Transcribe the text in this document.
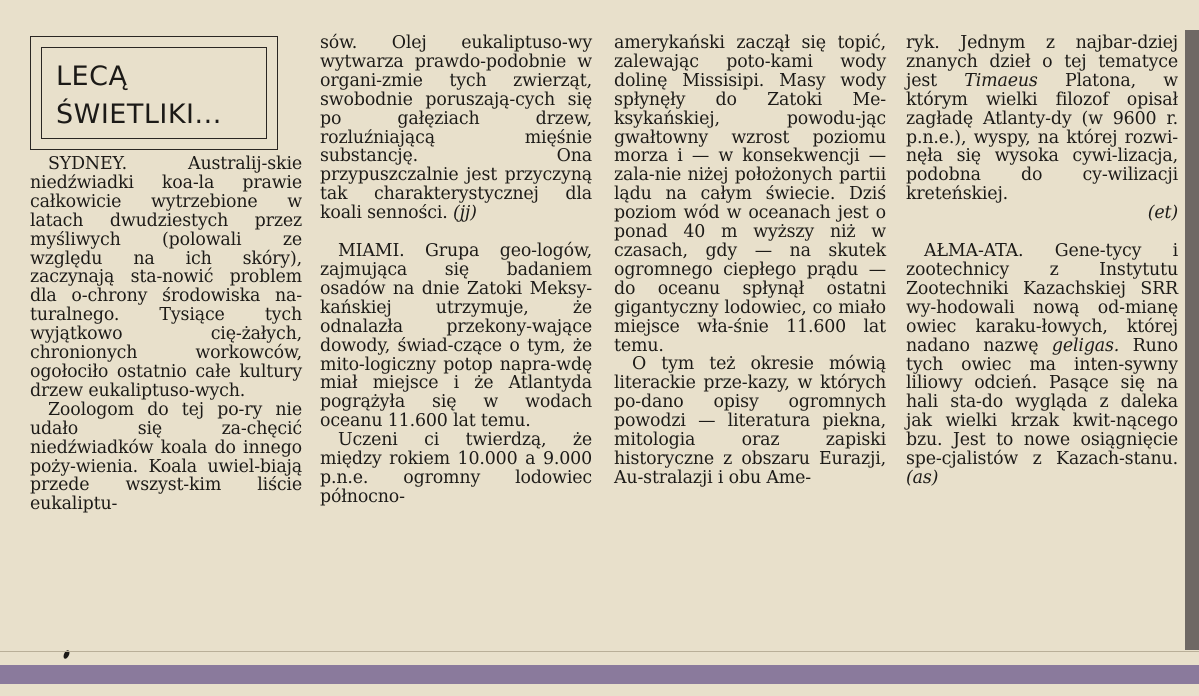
LECĄ
ŚWIETLIKI...

SYDNEY. Australij-skie niedźwiadki koa-la prawie całkowicie wytrzebione w latach dwudziestych przez myśliwych (polowali ze względu na ich skóry), zaczynają sta-nowić problem dla o-chrony środowiska na-turalnego. Tysiące tych wyjątkowo cię-żałych, chronionych workowców, ogołociło ostatnio całe kultury drzew eukaliptuso-wych.

Zoologom do tej po-ry nie udało się za-chęcić niedźwiadków koala do innego poży-wienia. Koala uwiel-biają przede wszyst-kim liście eukaliptu-

sów. Olej eukaliptuso-wy wytwarza prawdo-podobnie w organi-zmie tych zwierząt, swobodnie poruszają-cych się po gałęziach drzew, rozluźniającą mięśnie substancję. Ona przypuszczalnie jest przyczyną tak charakterystycznej dla koali senności. (jj)

MIAMI. Grupa geo-logów, zajmująca się badaniem osadów na dnie Zatoki Meksy-kańskiej utrzymuje, że odnalazła przekony-wające dowody, świad-czące o tym, że mito-logiczny potop napra-wdę miał miejsce i że Atlantyda pogrążyła się w wodach oceanu 11.600 lat temu.

Uczeni ci twierdzą, że między rokiem 10.000 a 9.000 p.n.e. ogromny lodowiec północno-

amerykański zaczął się topić, zalewając poto-kami wody dolinę Missisipi. Masy wody spłynęły do Zatoki Me-ksykańskiej, powodu-jąc gwałtowny wzrost poziomu morza i — w konsekwencji — zala-nie niżej położonych partii lądu na całym świecie. Dziś poziom wód w oceanach jest o ponad 40 m wyższy niż w czasach, gdy — na skutek ogromnego ciepłego prądu — do oceanu spłynął ostatni gigantyczny lodowiec, co miało miejsce wła-śnie 11.600 lat temu.

O tym też okresie mówią literackie prze-kazy, w których po-dano opisy ogromnych powodzi — literatura piekna, mitologia oraz zapiski historyczne z obszaru Eurazji, Au-stralazji i obu Ame-

ryk. Jednym z najbar-dziej znanych dzieł o tej tematyce jest Timaeus Platona, w którym wielki filozof opisał zagładę Atlanty-dy (w 9600 r. p.n.e.), wyspy, na której rozwi-nęła się wysoka cywi-lizacja, podobna do cy-wilizacji kreteńskiej.

(et)

AŁMA-ATA. Gene-tycy i zootechnicy z Instytutu Zootechniki Kazachskiej SRR wy-hodowali nową od-mianę owiec karaku-łowych, której nadano nazwę geligas. Runo tych owiec ma inten-sywny liliowy odcień. Pasące się na hali sta-do wygląda z daleka jak wielki krzak kwit-nącego bzu. Jest to nowe osiągnięcie spe-cjalistów z Kazach-stanu. (as)
